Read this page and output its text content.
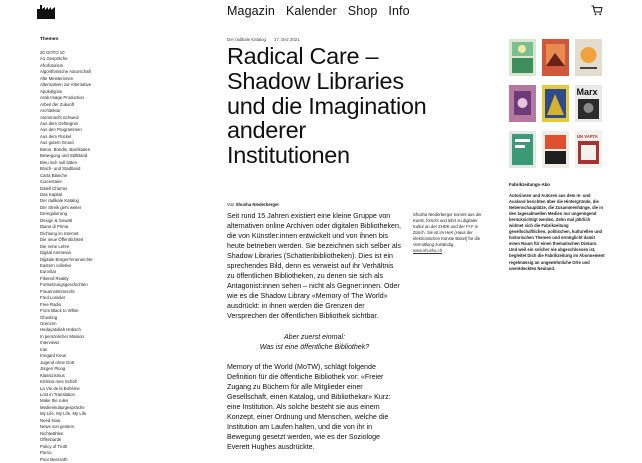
Magazin Kalender Shop Info
Themen
20 GOTO 10
A1 Gespräche
Afrofuturism
Algorithmische Autorschaft
Alte Meisterinnen
Alternativen zur Alternative
Apokalypse
Arab Image Production
Arbeit der Zukunft
Architektur
Atommacht Schweiz
Aus dem Gefängnis
Aus den Programmen
Aus dem Rückel
Aus gutem Grund
Beton, Bündle, Barrikaden
Bewegung und Stillstand
Bieu isch null bitten
Brach- und Stadtland
Carta Blanche
Cuicentaire
Datell Charms
Das Kapital
Der radikale Katalog
Der Streik geht weiter
Deregulierung
Design & Gewalt
Diane di Prima
Dichtung im Internet
Die neue Öffentlichkeit
Die reine Lehre
Digital Ammesia
Digitale Bürger*innenrechte
Eastern colletive
Eurostar
Filtered Reality
Fortsetzungsgeschichten
Frauenstimmrecht
Fred Lonidier
Free Radio
From Black to White
Ghosting
Grenzen
Hedayatullah Hübsch
In persönlicher Mission
Interviews
Iran
Irregard Keun
Jugend ohne Gott
Jürgen Ploog
Klassizismus
Kristina mes Schöll
La Vie de la Bohème
Lost in Translation
Make the rules
Medienkulturgespräche
My Life, My Life, My Life
Need Now
News von gestern
Nichtwählen
Offenbarde
Policy of Truth
Porno
Poor Beersoth
Der radikale Katalog 17. Dez 2021
Radical Care – Shadow Libraries und die Imagination anderer Institutionen
Von Shusha Niederberger

Seit rund 15 Jahren existiert eine kleine Gruppe von alternativen online Archiven oder digitalen Bibliotheken, die von Künstler:innen entwickelt und von ihnen bis heute betrieben werden. Sie bezeichnen sich selber als Shadow Libraries (Schattenbibliotheken). Dies ist ein sprechendes Bild, denn es verweist auf ihr Verhältnis zu öffentlichen Bibliotheken, zu denen sie sich als Antagonist:innen sehen – nicht als Gegner:innen. Oder wie es die Shadow Library «Memory of The World» ausdrückt: in ihnen werden die Grenzen der Versprechen der öffentlichen Bibliothek sichtbar.

Aber zuerst einmal:
Was ist eine öffentliche Bibliothek?

Memory of the World (MoTW), schlägt folgende Definition für die öffentliche Bibliothek vor: «Freier Zugang zu Büchern für alle Mitglieder einer Gesellschaft, einen Katalog, und Bibliothekar» Kurz: eine Institution. Als solche besteht sie aus einem Konzept, einer Ordnung und Menschen, welche die Institution am Laufen halten, und die von ihr in Bewegung gesetzt werden, wie es der Soziologe Everett Hughes ausdrückte.

Shusha Niederberger kommt aus der Kunst, forscht und lehrt zu digitaler Kultur an der ZHDK und der F+F in Zürich. Sie ist im HeK (Haus der elektronischen Künste Basel) für die Vermittlung zuständig.
www.shusha.ch
Marx
ÜN VAPTA
Fabrikzeitungs-Abo
Autorinnen und Autoren aus dem In- und Ausland berichten über die Hintergründe, die Nebenschauplätze, die Zusammenhänge, die in den tagesaktuellen Medien nur ungenügend berücksichtigt werden. Zehn mal jährlich widmet sich die Fabrikzeitung gesellschaftlichen, politischen, kulturellen und historischen Themen und ermöglicht damit einen Raum für einen thematischen Diskurs. Und weil ein solcher nie abgeschlossen ist, begleitet Dich die Fabrikzeitung im Abonnement regelmässig an ungewöhnliche Orte und unentdeckten Neuland.
